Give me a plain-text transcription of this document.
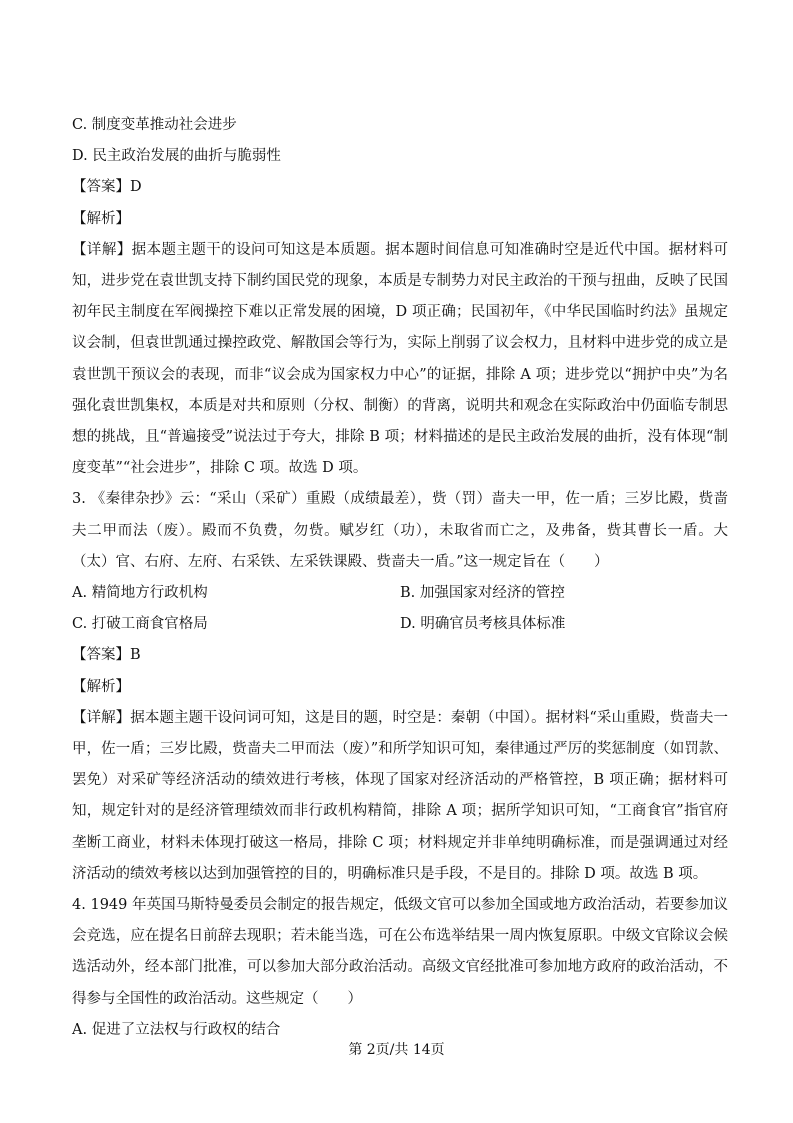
C. 制度变革推动社会进步
D. 民主政治发展的曲折与脆弱性
【答案】D
【解析】
【详解】据本题主题干的设问可知这是本质题。据本题时间信息可知准确时空是近代中国。据材料可知，进步党在袁世凯支持下制约国民党的现象，本质是专制势力对民主政治的干预与扭曲，反映了民国初年民主制度在军阀操控下难以正常发展的困境，D 项正确；民国初年，《中华民国临时约法》虽规定议会制，但袁世凯通过操控政党、解散国会等行为，实际上削弱了议会权力，且材料中进步党的成立是袁世凯干预议会的表现，而非“议会成为国家权力中心”的证据，排除 A 项；进步党以“拥护中央”为名强化袁世凯集权，本质是对共和原则（分权、制衡）的背离，说明共和观念在实际政治中仍面临专制思想的挑战，且“普遍接受”说法过于夸大，排除 B 项；材料描述的是民主政治发展的曲折，没有体现“制度变革”“社会进步”，排除 C 项。故选 D 项。
3. 《秦律杂抄》云：“采山（采矿）重殿（成绩最差），赀（罚）啬夫一甲，佐一盾；三岁比殿，赀啬夫二甲而法（废）。殿而不负费，勿赀。赋岁红（功），未取省而亡之，及弗备，赀其曹长一盾。大（太）官、右府、左府、右采铁、左采铁课殿、赀啬夫一盾。”这一规定旨在（　　）
A. 精简地方行政机构	B. 加强国家对经济的管控
C. 打破工商食官格局	D. 明确官员考核具体标准
【答案】B
【解析】
【详解】据本题主题干设问词可知，这是目的题，时空是：秦朝（中国）。据材料“采山重殿，赀啬夫一甲，佐一盾；三岁比殿，赀啬夫二甲而法（废）”和所学知识可知，秦律通过严厉的奖惩制度（如罚款、罢免）对采矿等经济活动的绩效进行考核，体现了国家对经济活动的严格管控，B 项正确；据材料可知，规定针对的是经济管理绩效而非行政机构精简，排除 A 项；据所学知识可知，“工商食官”指官府垄断工商业，材料未体现打破这一格局，排除 C 项；材料规定并非单纯明确标准，而是强调通过对经济活动的绩效考核以达到加强管控的目的，明确标准只是手段，不是目的。排除 D 项。故选 B 项。
4. 1949 年英国马斯特曼委员会制定的报告规定，低级文官可以参加全国或地方政治活动，若要参加议会竞选，应在提名日前辞去现职；若未能当选，可在公布选举结果一周内恢复原职。中级文官除议会候选活动外，经本部门批准，可以参加大部分政治活动。高级文官经批准可参加地方政府的政治活动，不得参与全国性的政治活动。这些规定（　　）
A. 促进了立法权与行政权的结合
第 2页/共 14页
